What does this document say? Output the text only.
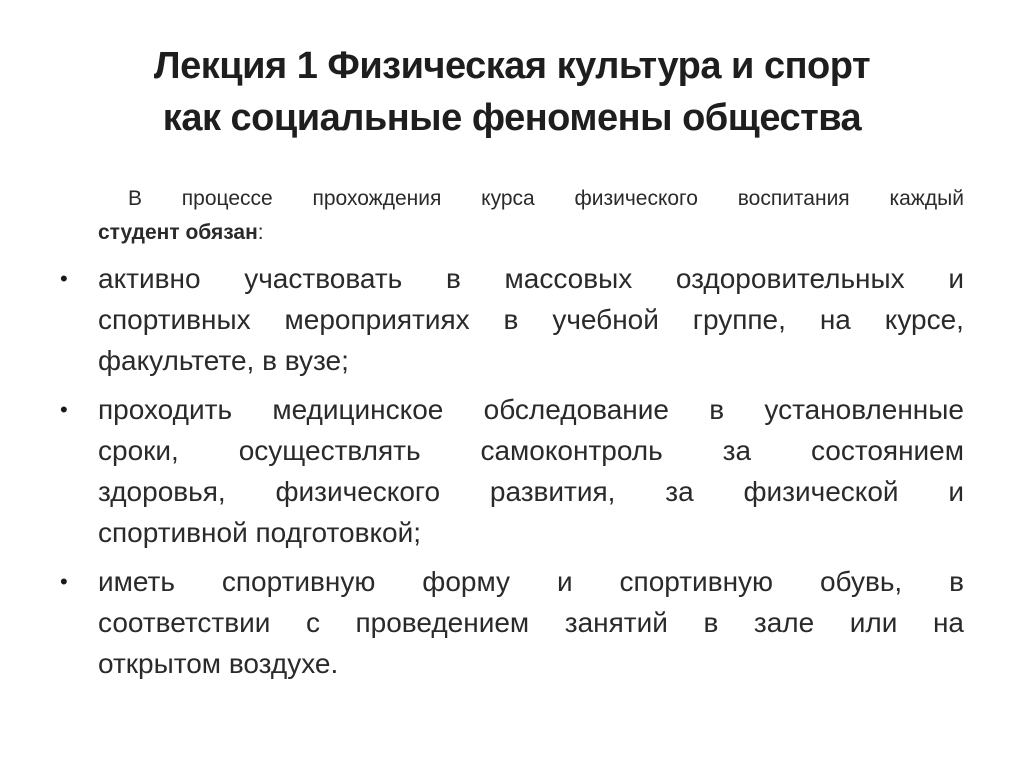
Лекция 1 Физическая культура и спорт
как социальные феномены общества
В процессе прохождения курса физического воспитания каждый
студент обязан:
• активно участвовать в массовых оздоровительных и
спортивных мероприятиях в учебной группе, на курсе,
факультете, в вузе;
• проходить медицинское обследование в установленные
сроки, осуществлять самоконтроль за состоянием
здоровья, физического развития, за физической и
спортивной подготовкой;
• иметь спортивную форму и спортивную обувь, в
соответствии с проведением занятий в зале или на
открытом воздухе.
